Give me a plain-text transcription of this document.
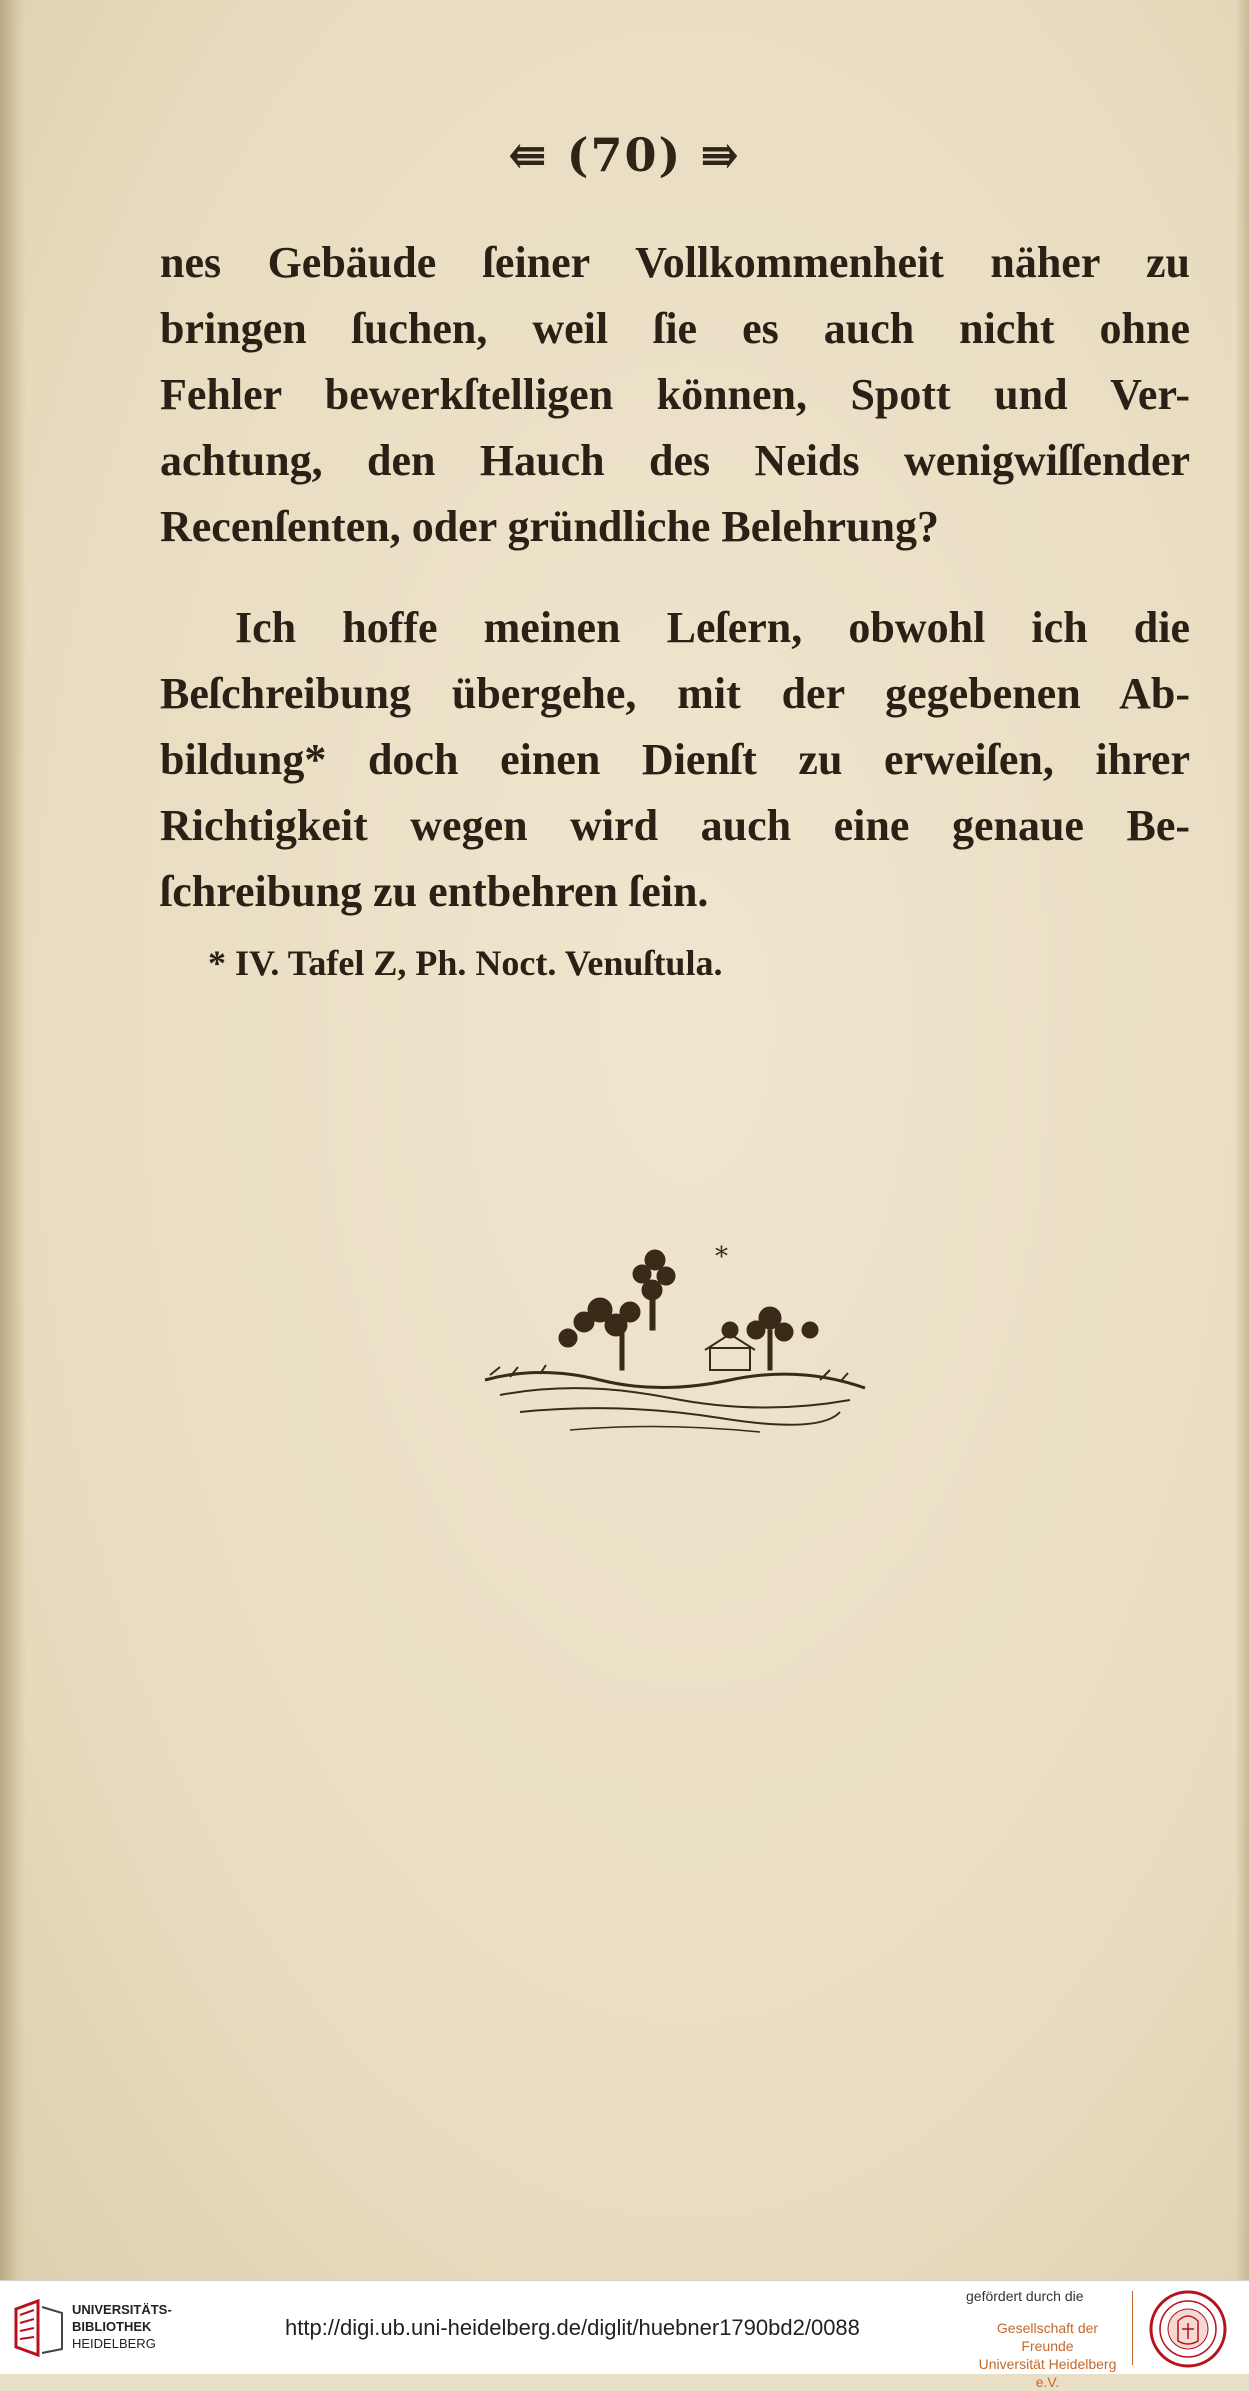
⇚ (70) ⇛
nes Gebäude ſeiner Vollkommenheit näher zu
bringen ſuchen, weil ſie es auch nicht ohne
Fehler bewerkſtelligen können, Spott und Ver-
achtung, den Hauch des Neids wenigwiſſender
Recenſenten, oder gründliche Belehrung?
Ich hoffe meinen Leſern, obwohl ich die
Beſchreibung übergehe, mit der gegebenen Ab-
bildung* doch einen Dienſt zu erweiſen, ihrer
Richtigkeit wegen wird auch eine genaue Be-
ſchreibung zu entbehren ſein.
* IV. Tafel Z, Ph. Noct. Venuſtula.
*
UNIVERSITÄTS-
BIBLIOTHEK
HEIDELBERG
http://digi.ub.uni-heidelberg.de/diglit/huebner1790bd2/0088
gefördert durch die
Gesellschaft der Freunde
Universität Heidelberg e.V.
